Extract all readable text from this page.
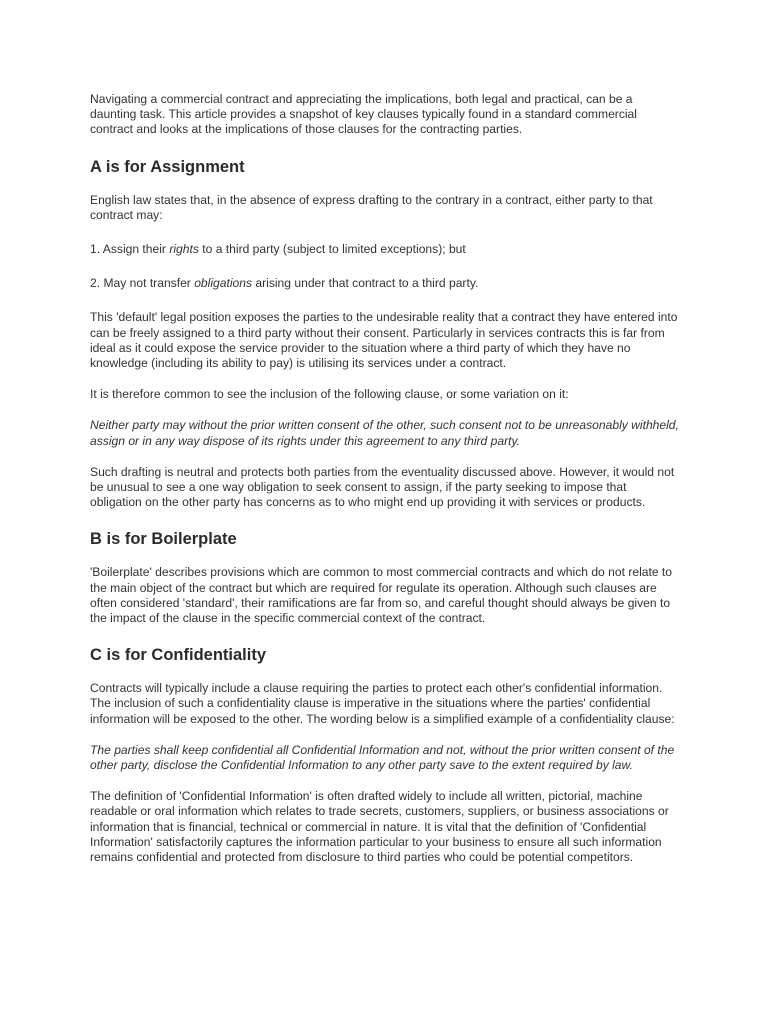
Navigating a commercial contract and appreciating the implications, both legal and practical, can be a daunting task. This article provides a snapshot of key clauses typically found in a standard commercial contract and looks at the implications of those clauses for the contracting parties.

A is for Assignment

English law states that, in the absence of express drafting to the contrary in a contract, either party to that contract may:

1. Assign their rights to a third party (subject to limited exceptions); but

2. May not transfer obligations arising under that contract to a third party.

This 'default' legal position exposes the parties to the undesirable reality that a contract they have entered into can be freely assigned to a third party without their consent. Particularly in services contracts this is far from ideal as it could expose the service provider to the situation where a third party of which they have no knowledge (including its ability to pay) is utilising its services under a contract.

It is therefore common to see the inclusion of the following clause, or some variation on it:

Neither party may without the prior written consent of the other, such consent not to be unreasonably withheld, assign or in any way dispose of its rights under this agreement to any third party.

Such drafting is neutral and protects both parties from the eventuality discussed above. However, it would not be unusual to see a one way obligation to seek consent to assign, if the party seeking to impose that obligation on the other party has concerns as to who might end up providing it with services or products.

B is for Boilerplate

'Boilerplate' describes provisions which are common to most commercial contracts and which do not relate to the main object of the contract but which are required for regulate its operation. Although such clauses are often considered 'standard', their ramifications are far from so, and careful thought should always be given to the impact of the clause in the specific commercial context of the contract.

C is for Confidentiality

Contracts will typically include a clause requiring the parties to protect each other's confidential information. The inclusion of such a confidentiality clause is imperative in the situations where the parties' confidential information will be exposed to the other. The wording below is a simplified example of a confidentiality clause:

The parties shall keep confidential all Confidential Information and not, without the prior written consent of the other party, disclose the Confidential Information to any other party save to the extent required by law.

The definition of 'Confidential Information' is often drafted widely to include all written, pictorial, machine readable or oral information which relates to trade secrets, customers, suppliers, or business associations or information that is financial, technical or commercial in nature. It is vital that the definition of 'Confidential Information' satisfactorily captures the information particular to your business to ensure all such information remains confidential and protected from disclosure to third parties who could be potential competitors.
